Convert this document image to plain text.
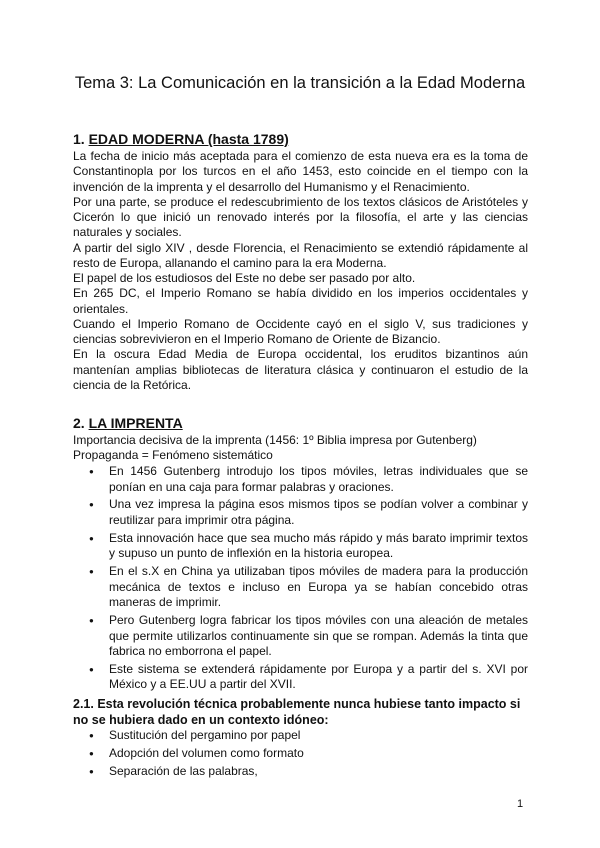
Tema 3: La Comunicación en la transición a la Edad Moderna
1. EDAD MODERNA (hasta 1789)

La fecha de inicio más aceptada para el comienzo de esta nueva era es la toma de Constantinopla por los turcos en el año 1453, esto coincide en el tiempo con la invención de la imprenta y el desarrollo del Humanismo y el Renacimiento.

Por una parte, se produce el redescubrimiento de los textos clásicos de Aristóteles y Cicerón lo que inició un renovado interés por la filosofía, el arte y las ciencias naturales y sociales.

A partir del siglo XIV , desde Florencia, el Renacimiento se extendió rápidamente al resto de Europa, allanando el camino para la era Moderna.

El papel de los estudiosos del Este no debe ser pasado por alto.

En 265 DC, el Imperio Romano se había dividido en los imperios occidentales y orientales.

Cuando el Imperio Romano de Occidente cayó en el siglo V, sus tradiciones y ciencias sobrevivieron en el Imperio Romano de Oriente de Bizancio.

En la oscura Edad Media de Europa occidental, los eruditos bizantinos aún mantenían amplias bibliotecas de literatura clásica y continuaron el estudio de la ciencia de la Retórica.

2. LA IMPRENTA
Importancia decisiva de la imprenta (1456: 1º Biblia impresa por Gutenberg)
Propaganda = Fenómeno sistemático
● En 1456 Gutenberg introdujo los tipos móviles, letras individuales que se ponían en una caja para formar palabras y oraciones.
● Una vez impresa la página esos mismos tipos se podían volver a combinar y reutilizar para imprimir otra página.
● Esta innovación hace que sea mucho más rápido y más barato imprimir textos y supuso un punto de inflexión en la historia europea.
● En el s.X en China ya utilizaban tipos móviles de madera para la producción mecánica de textos e incluso en Europa ya se habían concebido otras maneras de imprimir.
● Pero Gutenberg logra fabricar los tipos móviles con una aleación de metales que permite utilizarlos continuamente sin que se rompan. Además la tinta que fabrica no emborrona el papel.
● Este sistema se extenderá rápidamente por Europa y a partir del s. XVI por México y a EE.UU a partir del XVII.
2.1. Esta revolución técnica probablemente nunca hubiese tanto impacto si no se hubiera dado en un contexto idóneo:
● Sustitución del pergamino por papel
● Adopción del volumen como formato
● Separación de las palabras,
1
